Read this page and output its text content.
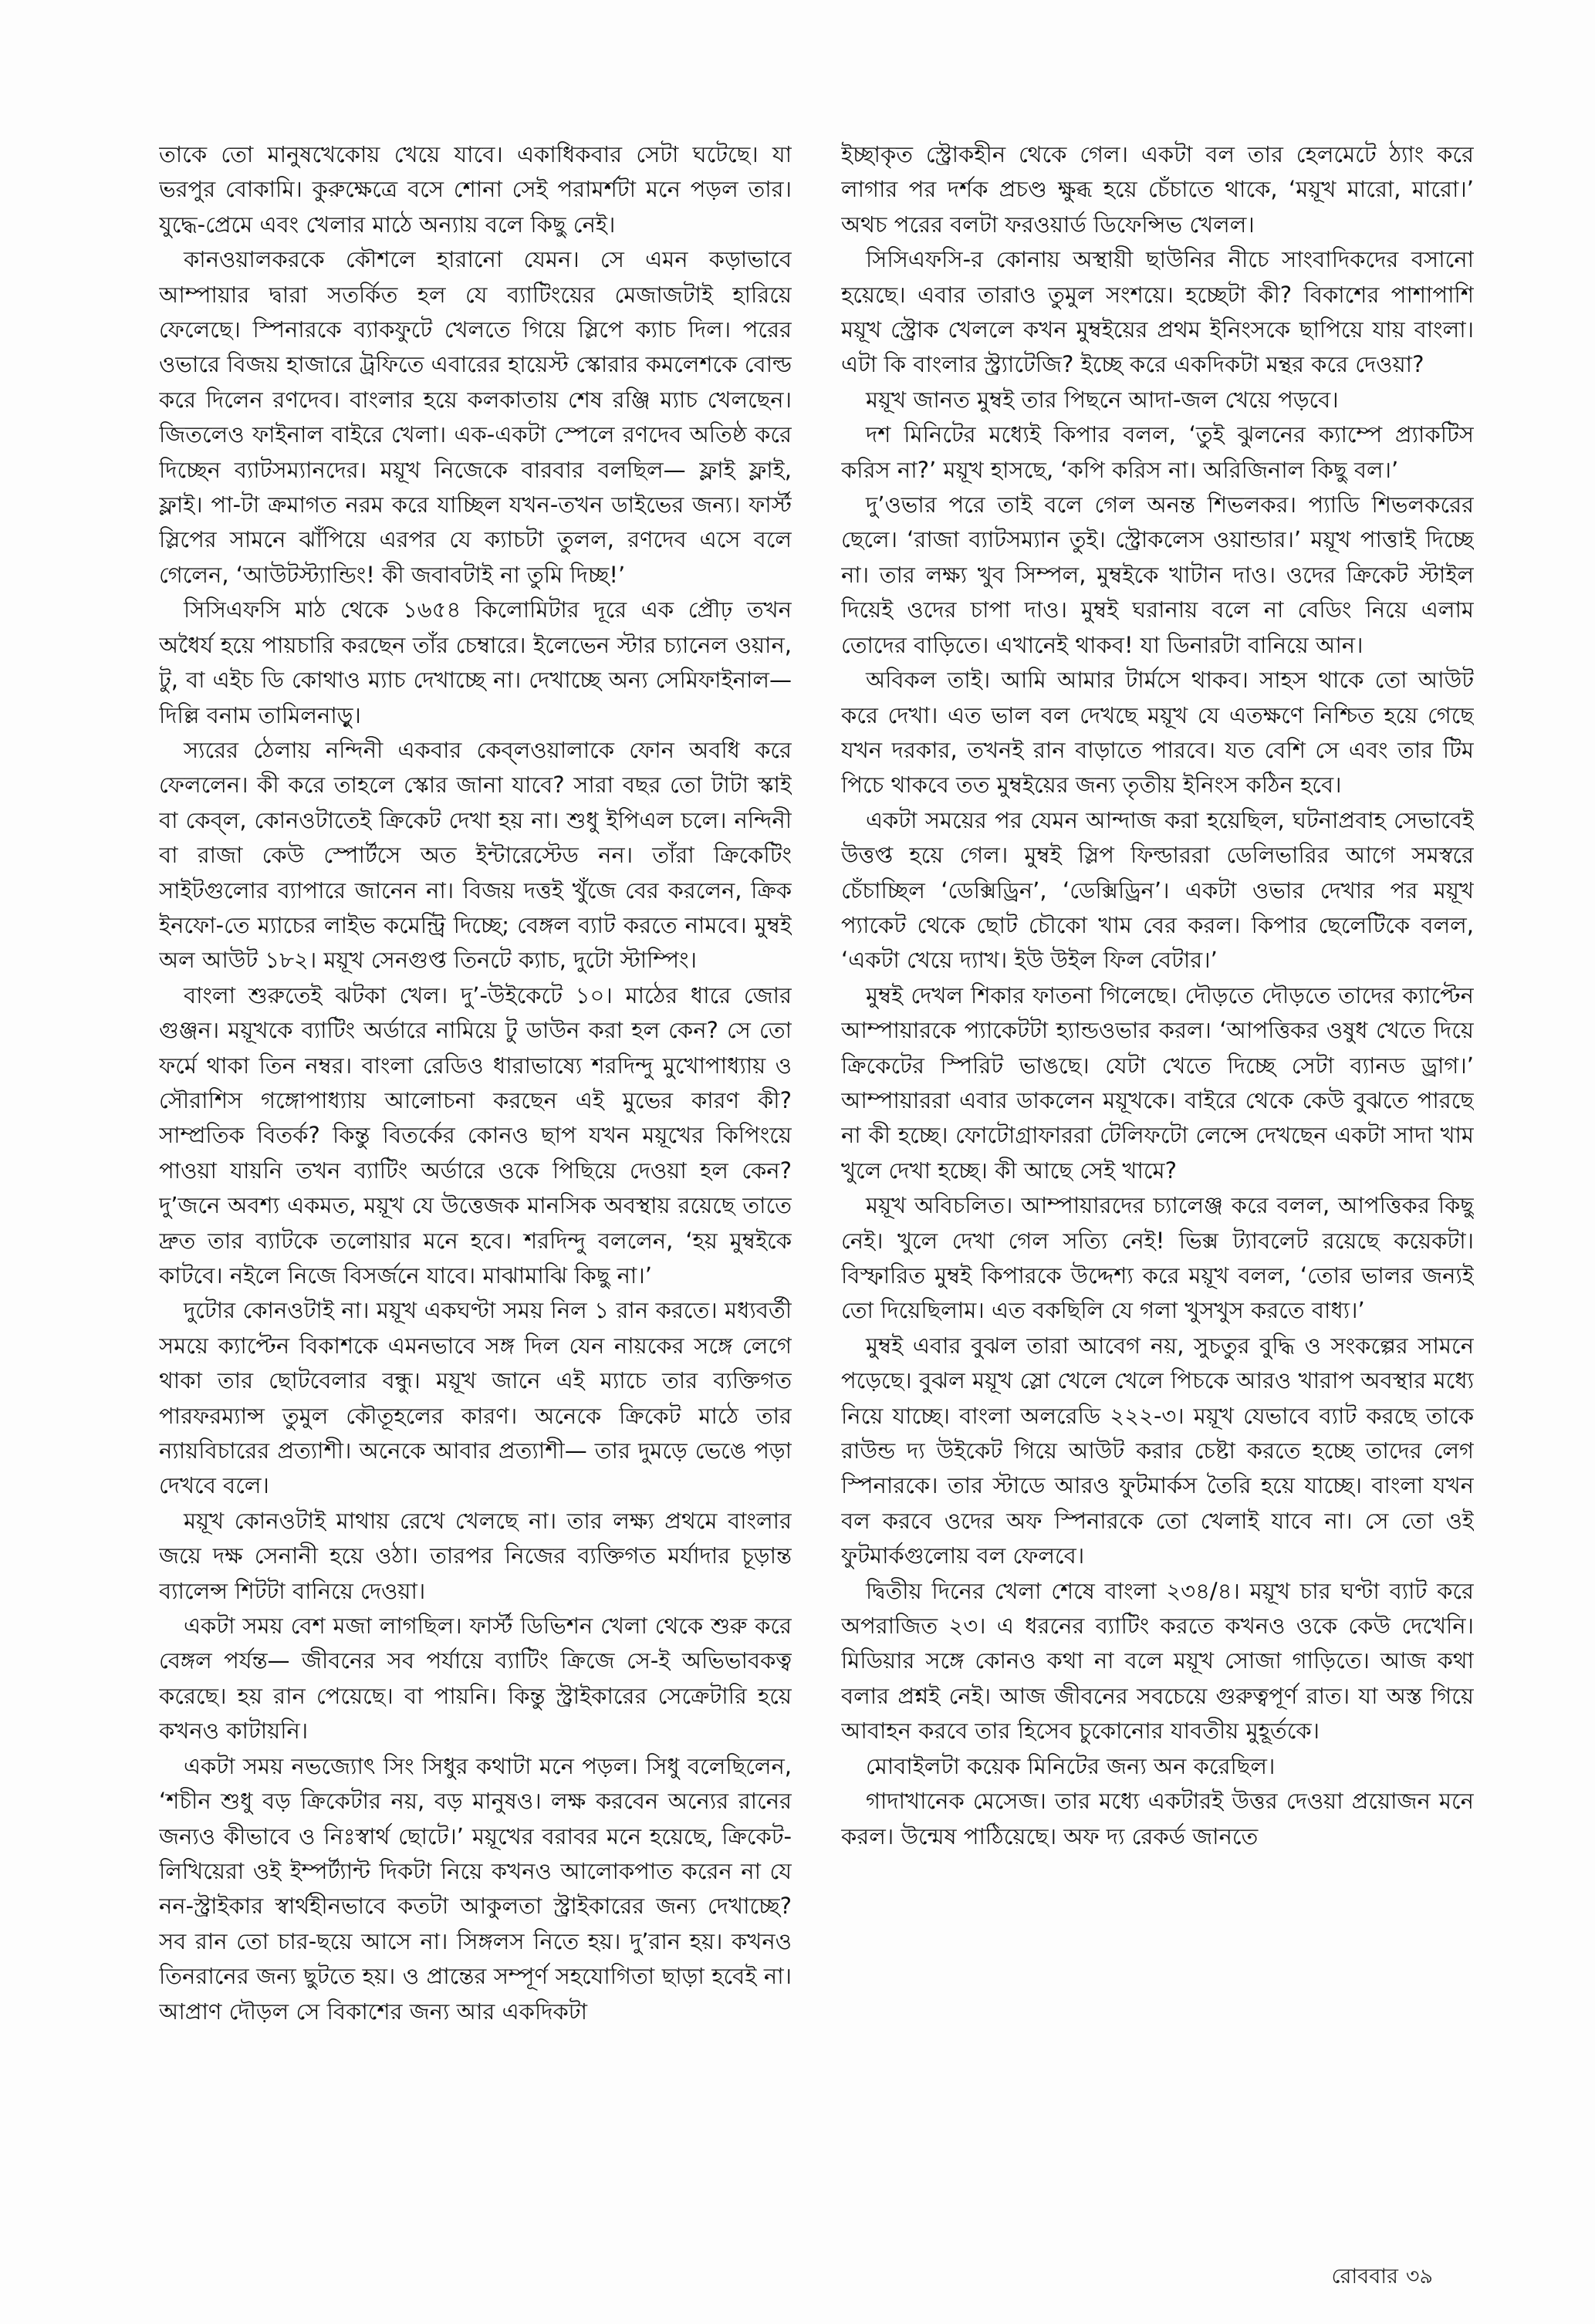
তাকে তো মানুষখেকোয় খেয়ে যাবে। একাধিকবার সেটা ঘটেছে। যা ভরপুর বোকামি। কুরুক্ষেত্রে বসে শোনা সেই পরামর্শটা মনে পড়ল তার। যুদ্ধে-প্রেমে এবং খেলার মাঠে অন্যায় বলে কিছু নেই।

কানওয়ালকরকে কৌশলে হারানো যেমন। সে এমন কড়াভাবে আম্পায়ার দ্বারা সতর্কিত হল যে ব্যাটিংয়ের মেজাজটাই হারিয়ে ফেলেছে। স্পিনারকে ব্যাকফুটে খেলতে গিয়ে স্লিপে ক্যাচ দিল। পরের ওভারে বিজয় হাজারে ট্রফিতে এবারের হায়েস্ট স্কোরার কমলেশকে বোল্ড করে দিলেন রণদেব। বাংলার হয়ে কলকাতায় শেষ রঞ্জি ম্যাচ খেলছেন। জিতলেও ফাইনাল বাইরে খেলা। এক-একটা স্পেলে রণদেব অতিষ্ঠ করে দিচ্ছেন ব্যাটসম্যানদের। ময়ূখ নিজেকে বারবার বলছিল— ফ্লাই ফ্লাই, ফ্লাই। পা-টা ক্রমাগত নরম করে যাচ্ছিল যখন-তখন ডাইভের জন্য। ফার্স্ট স্লিপের সামনে ঝাঁপিয়ে এরপর যে ক্যাচটা তুলল, রণদেব এসে বলে গেলেন, ‘আউটস্ট্যান্ডিং! কী জবাবটাই না তুমি দিচ্ছ!’

সিসিএফসি মাঠ থেকে ১৬৫৪ কিলোমিটার দূরে এক প্রৌঢ় তখন অধৈর্য হয়ে পায়চারি করছেন তাঁর চেম্বারে। ইলেভেন স্টার চ্যানেল ওয়ান, টু, বা এইচ ডি কোথাও ম্যাচ দেখাচ্ছে না। দেখাচ্ছে অন্য সেমিফাইনাল— দিল্লি বনাম তামিলনাড়ু।

স্যরের ঠেলায় নন্দিনী একবার কেব্‌লওয়ালাকে ফোন অবধি করে ফেললেন। কী করে তাহলে স্কোর জানা যাবে? সারা বছর তো টাটা স্কাই বা কেব্‌ল, কোনওটাতেই ক্রিকেট দেখা হয় না। শুধু ইপিএল চলে। নন্দিনী বা রাজা কেউ স্পোর্টসে অত ইন্টারেস্টেড নন। তাঁরা ক্রিকেটিং সাইটগুলোর ব্যাপারে জানেন না। বিজয় দত্তই খুঁজে বের করলেন, ক্রিক ইনফো-তে ম্যাচের লাইভ কমেন্ট্রি দিচ্ছে; বেঙ্গল ব্যাট করতে নামবে। মুম্বই অল আউট ১৮২। ময়ূখ সেনগুপ্ত তিনটে ক্যাচ, দুটো স্টাম্পিং।

বাংলা শুরুতেই ঝটকা খেল। দু’-উইকেটে ১০। মাঠের ধারে জোর গুঞ্জন। ময়ূখকে ব্যাটিং অর্ডারে নামিয়ে টু ডাউন করা হল কেন? সে তো ফর্মে থাকা তিন নম্বর। বাংলা রেডিও ধারাভাষ্যে শরদিন্দু মুখোপাধ্যায় ও সৌরাশিস গঙ্গোপাধ্যায় আলোচনা করছেন এই মুভের কারণ কী? সাম্প্রতিক বিতর্ক? কিন্তু বিতর্কের কোনও ছাপ যখন ময়ূখের কিপিংয়ে পাওয়া যায়নি তখন ব্যাটিং অর্ডারে ওকে পিছিয়ে দেওয়া হল কেন? দু’জনে অবশ্য একমত, ময়ূখ যে উত্তেজক মানসিক অবস্থায় রয়েছে তাতে দ্রুত তার ব্যাটকে তলোয়ার মনে হবে। শরদিন্দু বললেন, ‘হয় মুম্বইকে কাটবে। নইলে নিজে বিসর্জনে যাবে। মাঝামাঝি কিছু না।’

দুটোর কোনওটাই না। ময়ূখ একঘণ্টা সময় নিল ১ রান করতে। মধ্যবর্তী সময়ে ক্যাপ্টেন বিকাশকে এমনভাবে সঙ্গ দিল যেন নায়কের সঙ্গে লেগে থাকা তার ছোটবেলার বন্ধু। ময়ূখ জানে এই ম্যাচে তার ব্যক্তিগত পারফরম্যান্স তুমুল কৌতূহলের কারণ। অনেকে ক্রিকেট মাঠে তার ন্যায়বিচারের প্রত্যাশী। অনেকে আবার প্রত্যাশী— তার দুমড়ে ভেঙে পড়া দেখবে বলে।

ময়ূখ কোনওটাই মাথায় রেখে খেলছে না। তার লক্ষ্য প্রথমে বাংলার জয়ে দক্ষ সেনানী হয়ে ওঠা। তারপর নিজের ব্যক্তিগত মর্যাদার চূড়ান্ত ব্যালেন্স শিটটা বানিয়ে দেওয়া।

একটা সময় বেশ মজা লাগছিল। ফার্স্ট ডিভিশন খেলা থেকে শুরু করে বেঙ্গল পর্যন্ত— জীবনের সব পর্যায়ে ব্যাটিং ক্রিজে সে-ই অভিভাবকত্ব করেছে। হয় রান পেয়েছে। বা পায়নি। কিন্তু স্ট্রাইকারের সেক্রেটারি হয়ে কখনও কাটায়নি।

একটা সময় নভজ্যোৎ সিং সিধুর কথাটা মনে পড়ল। সিধু বলেছিলেন, ‘শচীন শুধু বড় ক্রিকেটার নয়, বড় মানুষও। লক্ষ করবেন অন্যের রানের জন্যও কীভাবে ও নিঃস্বার্থ ছোটে।’ ময়ূখের বরাবর মনে হয়েছে, ক্রিকেট-লিখিয়েরা ওই ইম্পর্ট্যান্ট দিকটা নিয়ে কখনও আলোকপাত করেন না যে নন-স্ট্রাইকার স্বার্থহীনভাবে কতটা আকুলতা স্ট্রাইকারের জন্য দেখাচ্ছে? সব রান তো চার-ছয়ে আসে না। সিঙ্গলস নিতে হয়। দু’রান হয়। কখনও তিনরানের জন্য ছুটতে হয়। ও প্রান্তের সম্পূর্ণ সহযোগিতা ছাড়া হবেই না। আপ্রাণ দৌড়ল সে বিকাশের জন্য আর একদিকটা

ইচ্ছাকৃত স্ট্রোকহীন থেকে গেল। একটা বল তার হেলমেটে ঠ্যাং করে লাগার পর দর্শক প্রচণ্ড ক্ষুব্ধ হয়ে চেঁচাতে থাকে, ‘ময়ূখ মারো, মারো।’ অথচ পরের বলটা ফরওয়ার্ড ডিফেন্সিভ খেলল।

সিসিএফসি-র কোনায় অস্থায়ী ছাউনির নীচে সাংবাদিকদের বসানো হয়েছে। এবার তারাও তুমুল সংশয়ে। হচ্ছেটা কী? বিকাশের পাশাপাশি ময়ূখ স্ট্রোক খেললে কখন মুম্বইয়ের প্রথম ইনিংসকে ছাপিয়ে যায় বাংলা। এটা কি বাংলার স্ট্র্যাটেজি? ইচ্ছে করে একদিকটা মন্থর করে দেওয়া?

ময়ূখ জানত মুম্বই তার পিছনে আদা-জল খেয়ে পড়বে।

দশ মিনিটের মধ্যেই কিপার বলল, ‘তুই ঝুলনের ক্যাম্পে প্র্যাকটিস করিস না?’ ময়ূখ হাসছে, ‘কপি করিস না। অরিজিনাল কিছু বল।’

দু’ওভার পরে তাই বলে গেল অনন্ত শিভলকর। প্যাডি শিভলকরের ছেলে। ‘রাজা ব্যাটসম্যান তুই। স্ট্রোকলেস ওয়ান্ডার।’ ময়ূখ পাত্তাই দিচ্ছে না। তার লক্ষ্য খুব সিম্পল, মুম্বইকে খাটান দাও। ওদের ক্রিকেট স্টাইল দিয়েই ওদের চাপা দাও। মুম্বই ঘরানায় বলে না বেডিং নিয়ে এলাম তোদের বাড়িতে। এখানেই থাকব! যা ডিনারটা বানিয়ে আন।

অবিকল তাই। আমি আমার টার্মসে থাকব। সাহস থাকে তো আউট করে দেখা। এত ভাল বল দেখছে ময়ূখ যে এতক্ষণে নিশ্চিত হয়ে গেছে যখন দরকার, তখনই রান বাড়াতে পারবে। যত বেশি সে এবং তার টিম পিচে থাকবে তত মুম্বইয়ের জন্য তৃতীয় ইনিংস কঠিন হবে।

একটা সময়ের পর যেমন আন্দাজ করা হয়েছিল, ঘটনাপ্রবাহ সেভাবেই উত্তপ্ত হয়ে গেল। মুম্বই স্লিপ ফিল্ডাররা ডেলিভারির আগে সমস্বরে চেঁচাচ্ছিল ‘ডেক্সিড্রিন’, ‘ডেক্সিড্রিন’। একটা ওভার দেখার পর ময়ূখ প্যাকেট থেকে ছোট চৌকো খাম বের করল। কিপার ছেলেটিকে বলল, ‘একটা খেয়ে দ্যাখ। ইউ উইল ফিল বেটার।’

মুম্বই দেখল শিকার ফাতনা গিলেছে। দৌড়তে দৌড়তে তাদের ক্যাপ্টেন আম্পায়ারকে প্যাকেটটা হ্যান্ডওভার করল। ‘আপত্তিকর ওষুধ খেতে দিয়ে ক্রিকেটের স্পিরিট ভাঙছে। যেটা খেতে দিচ্ছে সেটা ব্যানড ড্রাগ।’ আম্পায়াররা এবার ডাকলেন ময়ূখকে। বাইরে থেকে কেউ বুঝতে পারছে না কী হচ্ছে। ফোটোগ্রাফাররা টেলিফটো লেন্সে দেখছেন একটা সাদা খাম খুলে দেখা হচ্ছে। কী আছে সেই খামে?

ময়ূখ অবিচলিত। আম্পায়ারদের চ্যালেঞ্জ করে বলল, আপত্তিকর কিছু নেই। খুলে দেখা গেল সত্যি নেই! ভিক্স ট্যাবলেট রয়েছে কয়েকটা। বিস্ফারিত মুম্বই কিপারকে উদ্দেশ্য করে ময়ূখ বলল, ‘তোর ভালর জন্যই তো দিয়েছিলাম। এত বকছিলি যে গলা খুসখুস করতে বাধ্য।’

মুম্বই এবার বুঝল তারা আবেগ নয়, সুচতুর বুদ্ধি ও সংকল্পের সামনে পড়েছে। বুঝল ময়ূখ স্লো খেলে খেলে পিচকে আরও খারাপ অবস্থার মধ্যে নিয়ে যাচ্ছে। বাংলা অলরেডি ২২২-৩। ময়ূখ যেভাবে ব্যাট করছে তাকে রাউন্ড দ্য উইকেট গিয়ে আউট করার চেষ্টা করতে হচ্ছে তাদের লেগ স্পিনারকে। তার স্টাডে আরও ফুটমার্কস তৈরি হয়ে যাচ্ছে। বাংলা যখন বল করবে ওদের অফ স্পিনারকে তো খেলাই যাবে না। সে তো ওই ফুটমার্কগুলোয় বল ফেলবে।

দ্বিতীয় দিনের খেলা শেষে বাংলা ২৩৪/৪। ময়ূখ চার ঘণ্টা ব্যাট করে অপরাজিত ২৩। এ ধরনের ব্যাটিং করতে কখনও ওকে কেউ দেখেনি। মিডিয়ার সঙ্গে কোনও কথা না বলে ময়ূখ সোজা গাড়িতে। আজ কথা বলার প্রশ্নই নেই। আজ জীবনের সবচেয়ে গুরুত্বপূর্ণ রাত। যা অস্ত গিয়ে আবাহন করবে তার হিসেব চুকোনোর যাবতীয় মুহূর্তকে।

মোবাইলটা কয়েক মিনিটের জন্য অন করেছিল।

গাদাখানেক মেসেজ। তার মধ্যে একটারই উত্তর দেওয়া প্রয়োজন মনে করল। উন্মেষ পাঠিয়েছে। অফ দ্য রেকর্ড জানতে

রোববার ৩৯
